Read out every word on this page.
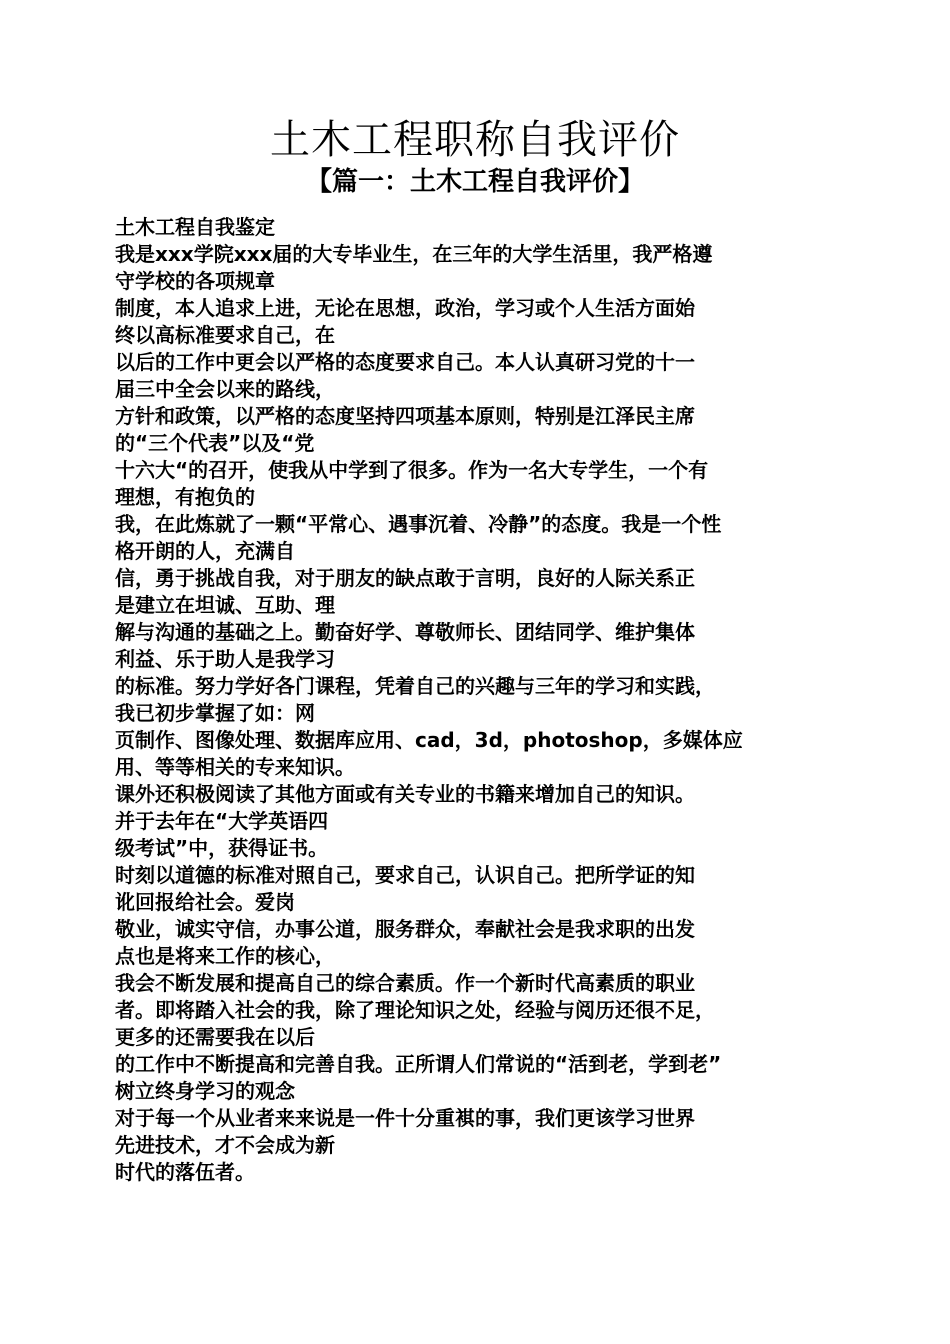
土木工程职称自我评价
【篇一：土木工程自我评价】
土木工程自我鉴定
我是xxx学院xxx届的大专毕业生，在三年的大学生活里，我严格遵
守学校的各项规章
制度，本人追求上进，无论在思想，政治，学习或个人生活方面始
终以高标准要求自己，在
以后的工作中更会以严格的态度要求自己。本人认真研习党的十一
届三中全会以来的路线，
方针和政策，以严格的态度坚持四项基本原则，特别是江泽民主席
的“三个代表”以及“党
十六大“的召开，使我从中学到了很多。作为一名大专学生，一个有
理想，有抱负的
我，在此炼就了一颗“平常心、遇事沉着、冷静”的态度。我是一个性
格开朗的人，充满自
信，勇于挑战自我，对于朋友的缺点敢于言明，良好的人际关系正
是建立在坦诚、互助、理
解与沟通的基础之上。勤奋好学、尊敬师长、团结同学、维护集体
利益、乐于助人是我学习
的标准。努力学好各门课程，凭着自己的兴趣与三年的学习和实践，
我已初步掌握了如：网
页制作、图像处理、数据库应用、cad，3d，photoshop，多媒体应
用、等等相关的专来知识。
课外还积极阅读了其他方面或有关专业的书籍来增加自己的知识。
并于去年在“大学英语四
级考试”中，获得证书。
时刻以道德的标准对照自己，要求自己，认识自己。把所学证的知
讹回报给社会。爱岗
敬业，诚实守信，办事公道，服务群众，奉献社会是我求职的出发
点也是将来工作的核心，
我会不断发展和提高自己的综合素质。作一个新时代高素质的职业
者。即将踏入社会的我，除了理论知识之处，经验与阅历还很不足，
更多的还需要我在以后
的工作中不断提高和完善自我。正所谓人们常说的“活到老，学到老”
树立终身学习的观念
对于每一个从业者来来说是一件十分重褀的事，我们更该学习世界
先进技术，才不会成为新
时代的落伍者。
